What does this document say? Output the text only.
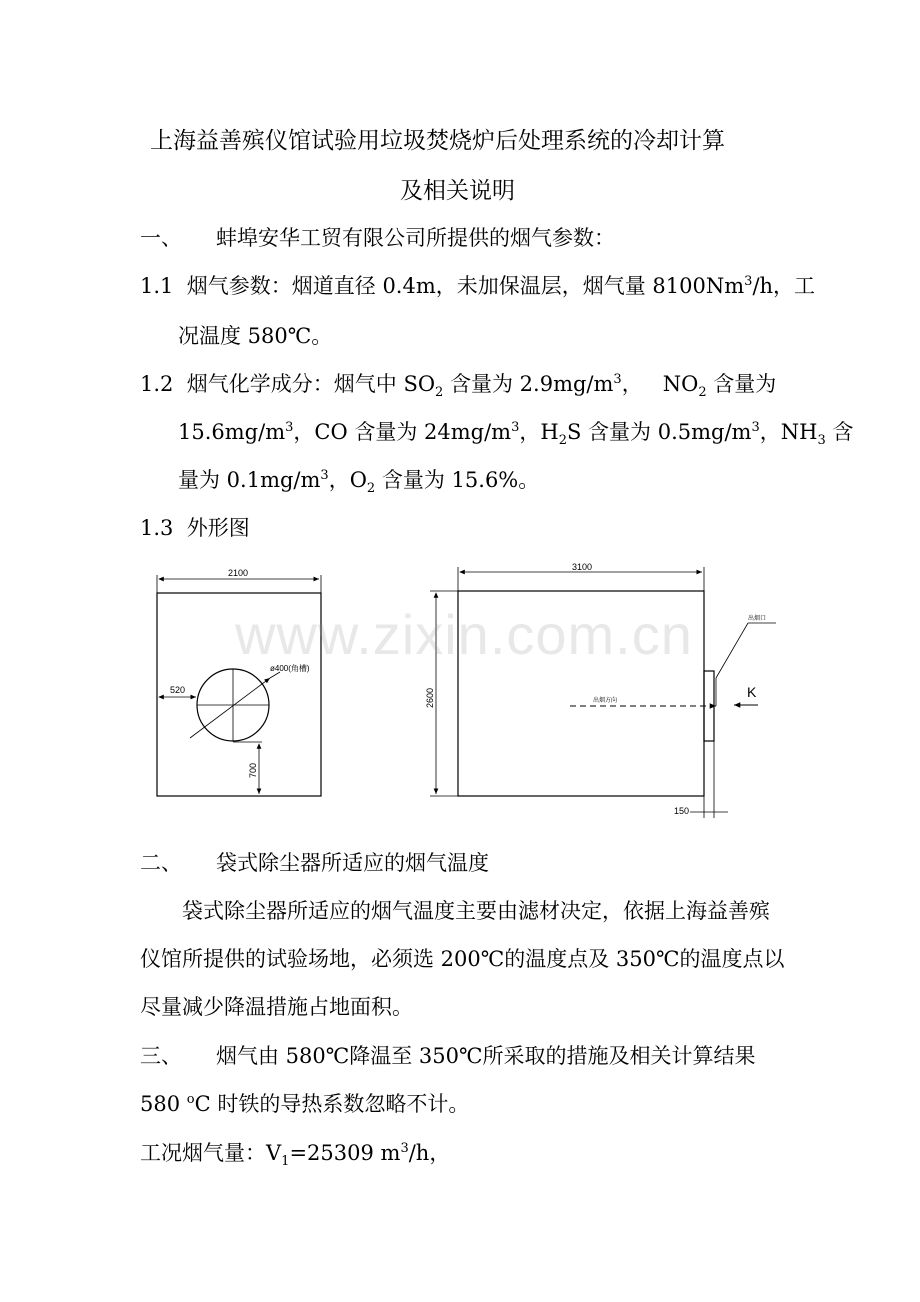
上海益善殡仪馆试验用垃圾焚烧炉后处理系统的冷却计算
及相关说明
一、 蚌埠安华工贸有限公司所提供的烟气参数：
1.1 烟气参数：烟道直径 0.4m，未加保温层，烟气量 8100Nm$^3$/h，工
况温度 580℃。
1.2 烟气化学成分：烟气中 $SO_2$ 含量为 $2.9mg/m^3$，   $NO_2$ 含量为
$15.6mg/m^3$，CO 含量为 $24mg/m^3$，$H_2S$ 含量为 $0.5mg/m^3$，$NH_3$ 含
量为 $0.1mg/m^3$，$O_2$ 含量为 15.6%。
1.3 外形图
2100
ø400(角槽)
520
700
3100
2600
出烟口
出烟方向
K
150
www.zixin.com.cn
二、 袋式除尘器所适应的烟气温度
袋式除尘器所适应的烟气温度主要由滤材决定，依据上海益善殡
仪馆所提供的试验场地，必须选 200℃的温度点及 350℃的温度点以
尽量减少降温措施占地面积。
三、 烟气由 580℃降温至 350℃所采取的措施及相关计算结果
580 $^o$C 时铁的导热系数忽略不计。
工况烟气量：$V_1=25309$ $m^3/h$，
